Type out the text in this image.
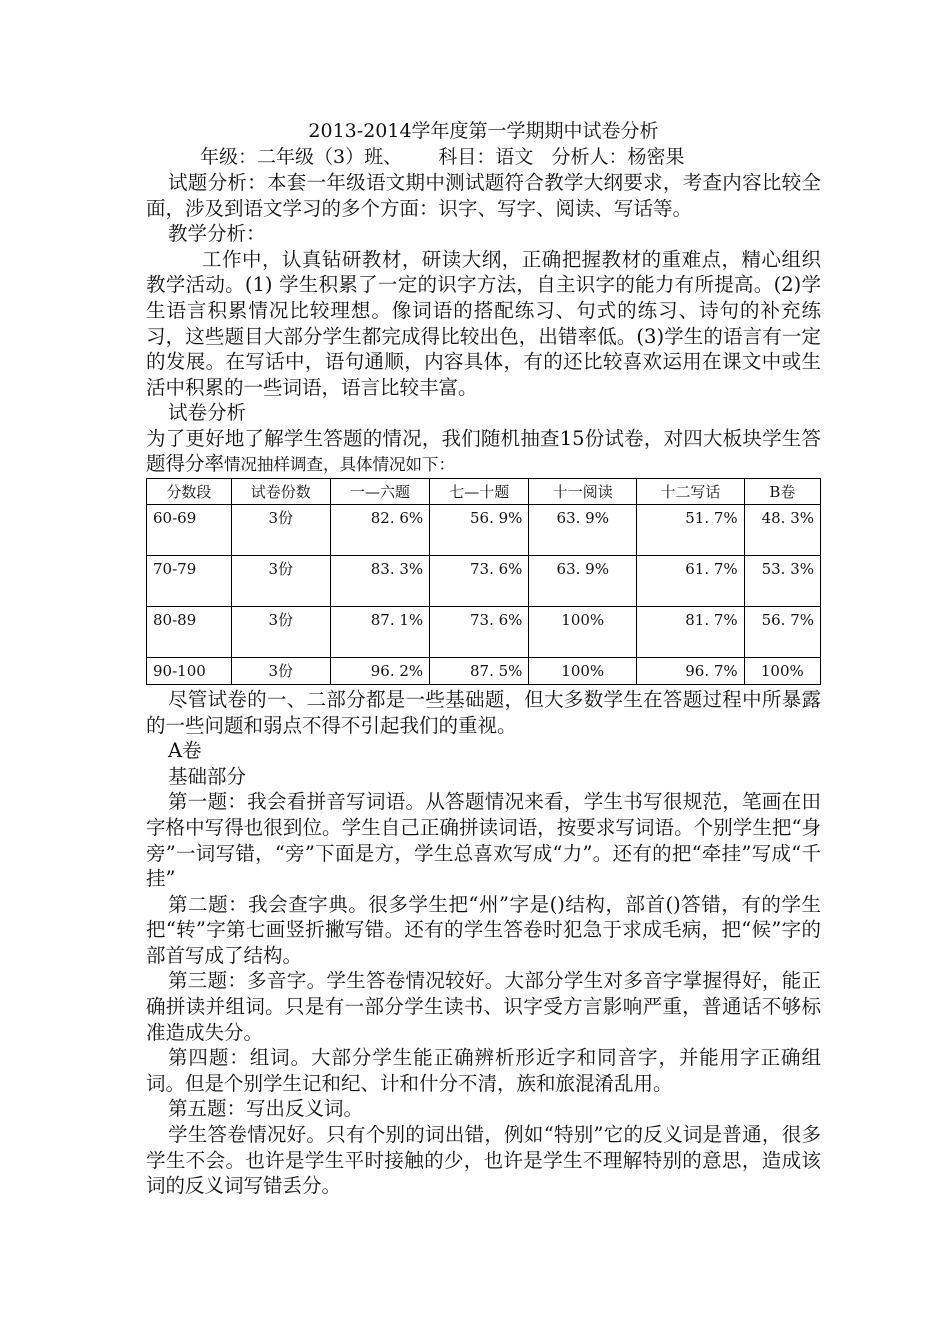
2013-2014学年度第一学期期中试卷分析

年级：二年级（3）班、      科目：语文   分析人：杨密果

试题分析：本套一年级语文期中测试题符合教学大纲要求，考查内容比较全面，涉及到语文学习的多个方面：识字、写字、阅读、写话等。

教学分析：

工作中，认真钻研教材，研读大纲，正确把握教材的重难点，精心组织教学活动。(1) 学生积累了一定的识字方法，自主识字的能力有所提高。(2)学生语言积累情况比较理想。像词语的搭配练习、句式的练习、诗句的补充练习，这些题目大部分学生都完成得比较出色，出错率低。(3)学生的语言有一定的发展。在写话中，语句通顺，内容具体，有的还比较喜欢运用在课文中或生活中积累的一些词语，语言比较丰富。

试卷分析

为了更好地了解学生答题的情况，我们随机抽查15份试卷，对四大板块学生答题得分率情况抽样调查，具体情况如下：

分数段	试卷份数	一—六题	七—十题	十一阅读	十二写话	B卷
60-69	3份	82. 6%	56. 9%	63. 9%	51. 7%	48. 3%
70-79	3份	83. 3%	73. 6%	63. 9%	61. 7%	53. 3%
80-89	3份	87. 1%	73. 6%	100%	81. 7%	56. 7%
90-100	3份	96. 2%	87. 5%	100%	96. 7%	100%

尽管试卷的一、二部分都是一些基础题，但大多数学生在答题过程中所暴露的一些问题和弱点不得不引起我们的重视。

A卷

基础部分

第一题：我会看拼音写词语。从答题情况来看，学生书写很规范，笔画在田字格中写得也很到位。学生自己正确拼读词语，按要求写词语。个别学生把“身旁”一词写错，“旁”下面是方，学生总喜欢写成“力”。还有的把“牵挂”写成“千挂”

第二题：我会查字典。很多学生把“州”字是()结构，部首()答错，有的学生把“转”字第七画竖折撇写错。还有的学生答卷时犯急于求成毛病，把“候”字的部首写成了结构。

第三题：多音字。学生答卷情况较好。大部分学生对多音字掌握得好，能正确拼读并组词。只是有一部分学生读书、识字受方言影响严重，普通话不够标准造成失分。

第四题：组词。大部分学生能正确辨析形近字和同音字，并能用字正确组词。但是个别学生记和纪、计和什分不清，族和旅混淆乱用。

第五题：写出反义词。

学生答卷情况好。只有个别的词出错，例如“特别”它的反义词是普通，很多学生不会。也许是学生平时接触的少，也许是学生不理解特别的意思，造成该词的反义词写错丢分。
